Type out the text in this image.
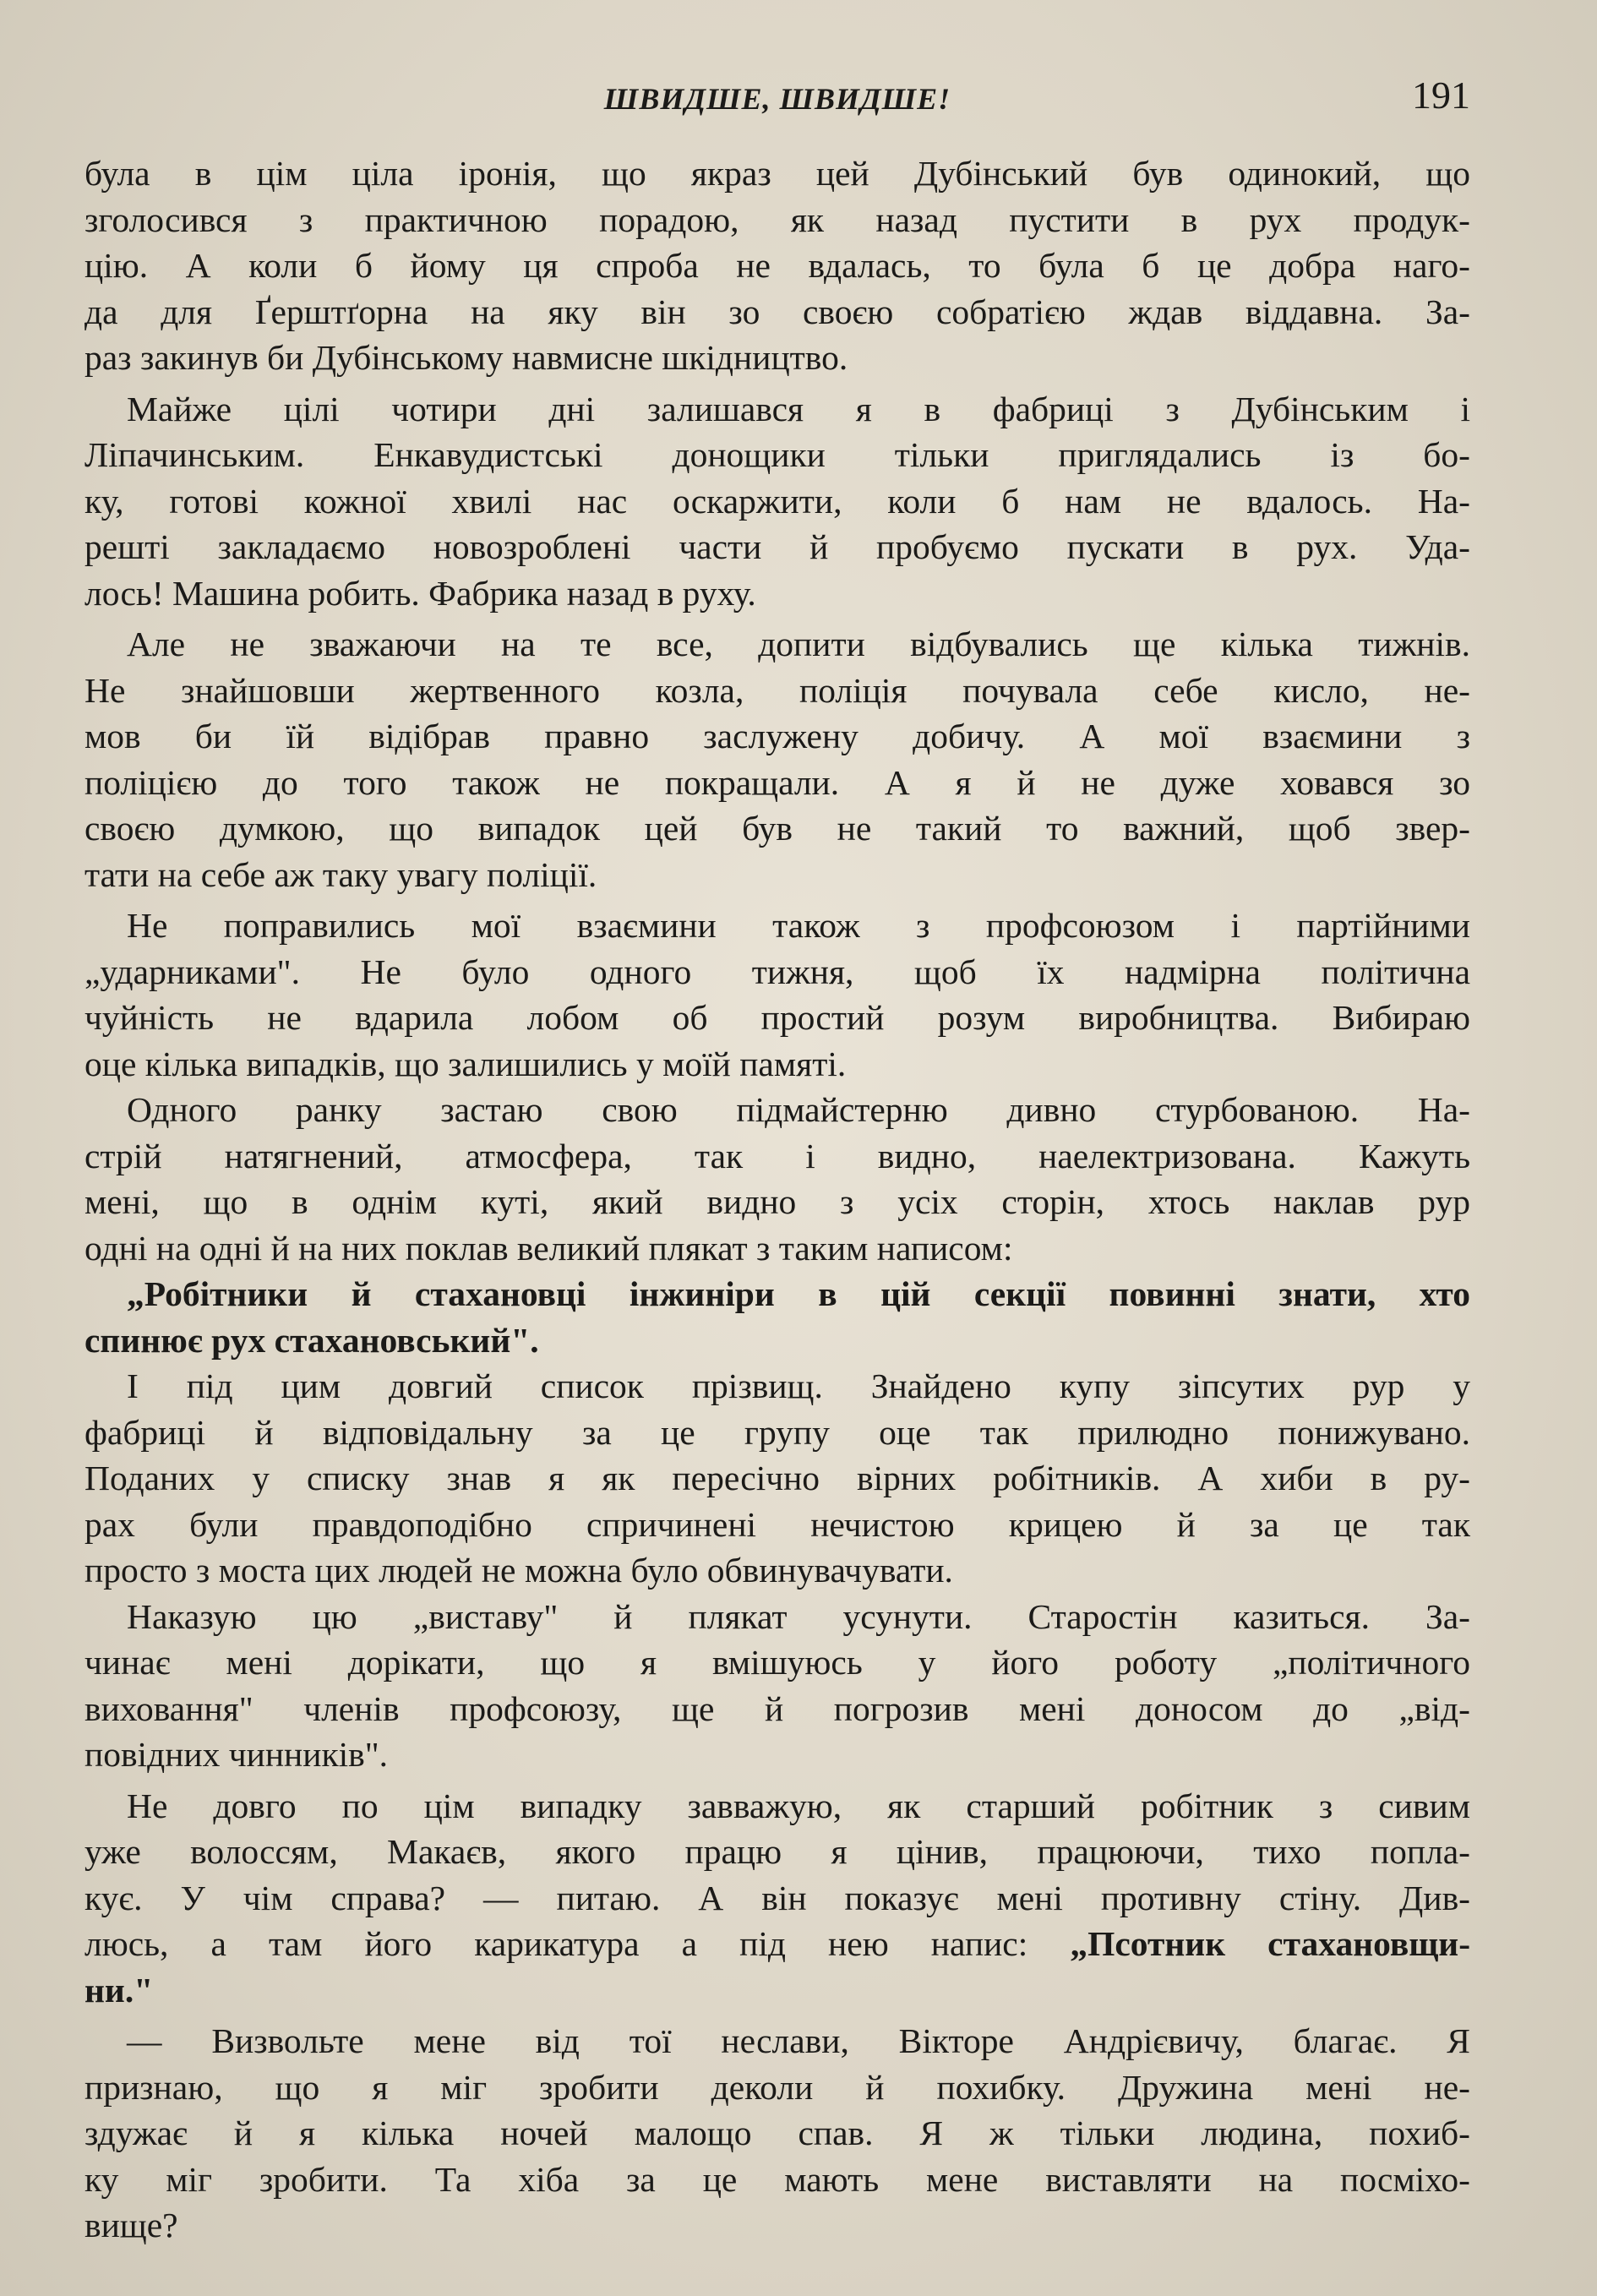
ШВИДШЕ, ШВИДШЕ!	191

була в цім ціла іронія, що якраз цей Дубінський був одинокий, що
зголосився з практичною порадою, як назад пустити в рух продук-
цію. А коли б йому ця спроба не вдалась, то була б це добра наго-
да для Ґерштґорна на яку він зо своєю собратією ждав віддавна. За-
раз закинув би Дубінському навмисне шкідництво.

Майже цілі чотири дні залишався я в фабриці з Дубінським і
Ліпачинським. Енкавудистські донощики тільки приглядались із бо-
ку, готові кожної хвилі нас оскаржити, коли б нам не вдалось. На-
решті закладаємо новозроблені части й пробуємо пускати в рух. Уда-
лось! Машина робить. Фабрика назад в руху.

Але не зважаючи на те все, допити відбувались ще кілька тижнів.
Не знайшовши жертвенного козла, поліція почувала себе кисло, не-
мов би їй відібрав правно заслужену добичу. А мої взаємини з
поліцією до того також не покращали. А я й не дуже ховався зо
своєю думкою, що випадок цей був не такий то важний, щоб звер-
тати на себе аж таку увагу поліції.

Не поправились мої взаємини також з профсоюзом і партійними
„ударниками". Не було одного тижня, щоб їх надмірна політична
чуйність не вдарила лобом об простий розум виробництва. Вибираю
оце кілька випадків, що залишились у моїй памяті.

Одного ранку застаю свою підмайстерню дивно стурбованою. На-
стрій натягнений, атмосфера, так і видно, наелектризована. Кажуть
мені, що в однім куті, який видно з усіх сторін, хтось наклав рур
одні на одні й на них поклав великий плякат з таким написом:

„Робітники й стахановці інжиніри в цій секції повинні знати, хто
спинює рух стахановський".

І під цим довгий список прізвищ. Знайдено купу зіпсутих рур у
фабриці й відповідальну за це групу оце так прилюдно понижувано.
Поданих у списку знав я як пересічно вірних робітників. А хиби в ру-
рах були правдоподібно спричинені нечистою крицею й за це так
просто з моста цих людей не можна було обвинувачувати.

Наказую цю „виставу" й плякат усунути. Старостін казиться. За-
чинає мені дорікати, що я вмішуюсь у його роботу „політичного
виховання" членів профсоюзу, ще й погрозив мені доносом до „від-
повідних чинників".

Не довго по цім випадку завважую, як старший робітник з сивим
уже волоссям, Макаєв, якого працю я цінив, працюючи, тихо попла-
кує. У чім справа? — питаю. А він показує мені противну стіну. Див-
люсь, а там його карикатура а під нею напис: „Псотник стахановщи-
ни."

— Визвольте мене від тої неслави, Вікторе Андрієвичу, благає. Я
признаю, що я міг зробити деколи й похибку. Дружина мені не-
здужає й я кілька ночей малощо спав. Я ж тільки людина, похиб-
ку міг зробити. Та хіба за це мають мене виставляти на посміхо-
вище?
